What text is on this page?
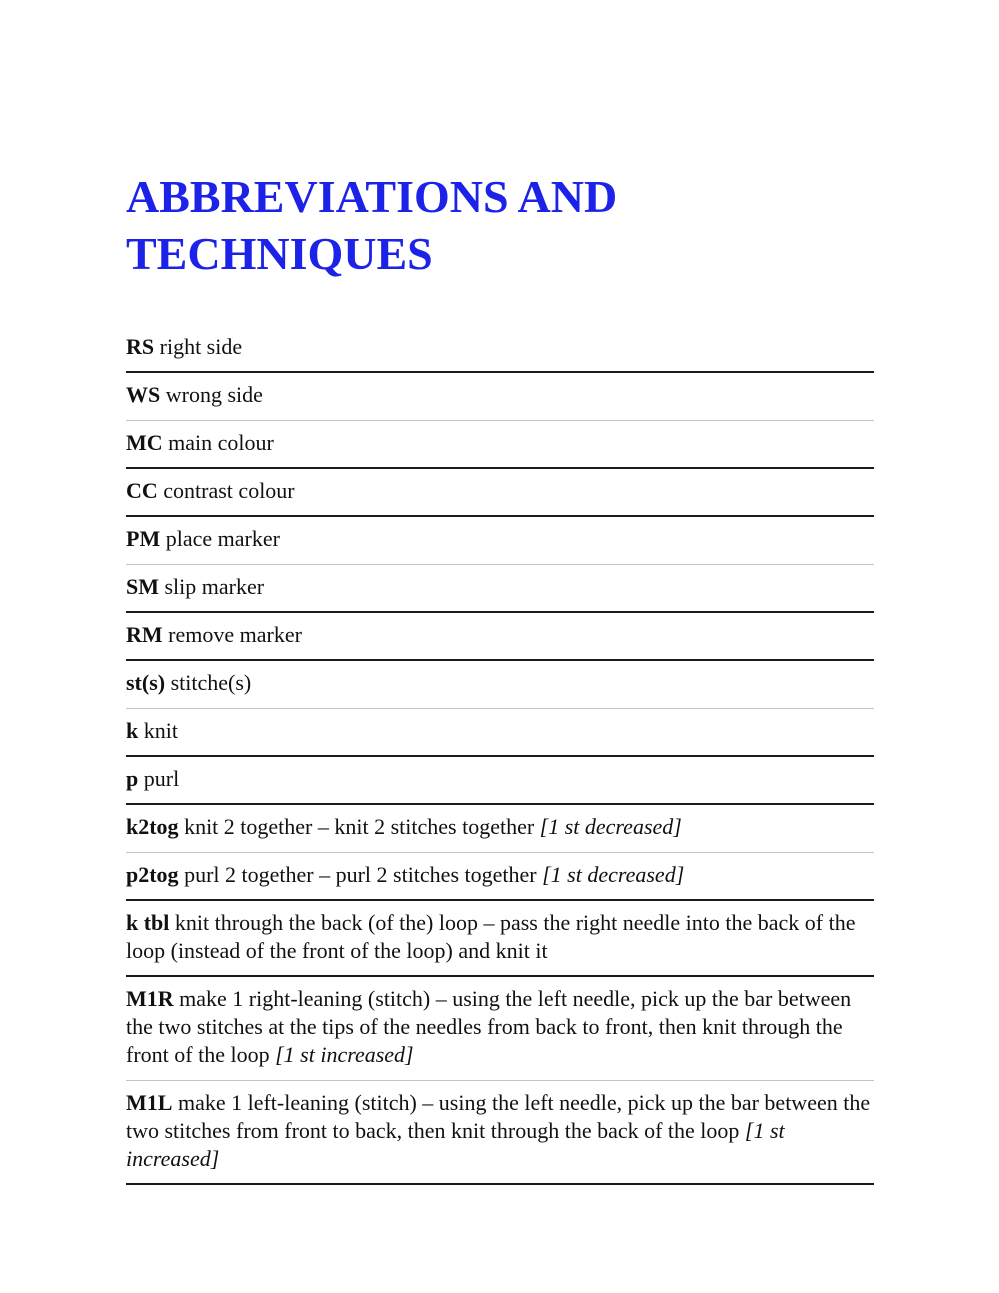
ABBREVIATIONS AND
TECHNIQUES
RS right side
WS wrong side
MC main colour
CC contrast colour
PM place marker
SM slip marker
RM remove marker
st(s) stitche(s)
k knit
p purl
k2tog knit 2 together – knit 2 stitches together [1 st decreased]
p2tog purl 2 together – purl 2 stitches together [1 st decreased]
k tbl knit through the back (of the) loop – pass the right needle into the back of the loop (instead of the front of the loop) and knit it
M1R make 1 right-leaning (stitch) – using the left needle, pick up the bar between the two stitches at the tips of the needles from back to front, then knit through the front of the loop [1 st increased]
M1L make 1 left-leaning (stitch) – using the left needle, pick up the bar between the two stitches from front to back, then knit through the back of the loop [1 st increased]
